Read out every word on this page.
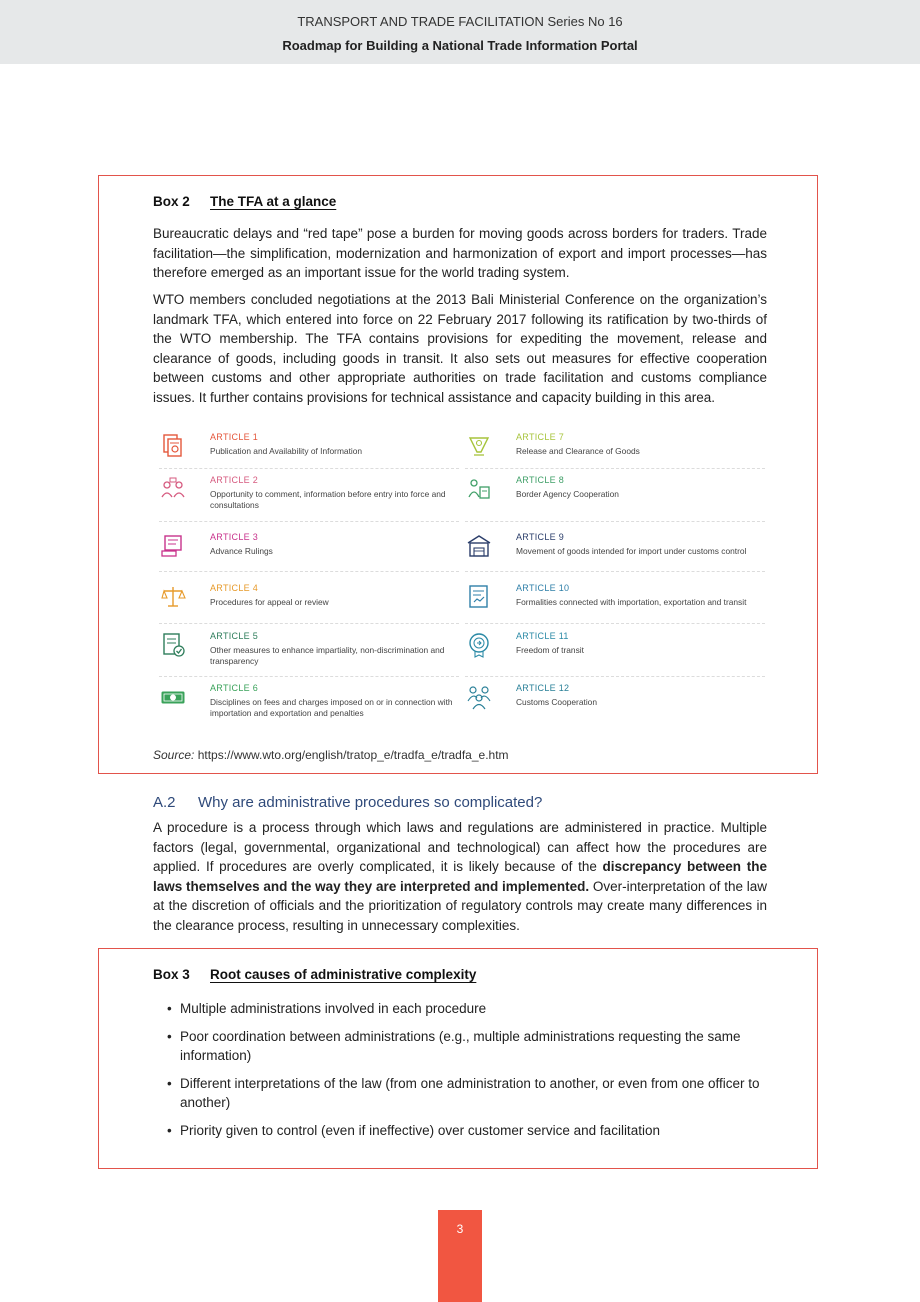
TRANSPORT AND TRADE FACILITATION Series No 16
Roadmap for Building a National Trade Information Portal
Box 2 The TFA at a glance

Bureaucratic delays and “red tape” pose a burden for moving goods across borders for traders. Trade facilitation—the simplification, modernization and harmonization of export and import processes—has therefore emerged as an important issue for the world trading system.

WTO members concluded negotiations at the 2013 Bali Ministerial Conference on the organization’s landmark TFA, which entered into force on 22 February 2017 following its ratification by two-thirds of the WTO membership. The TFA contains provisions for expediting the movement, release and clearance of goods, including goods in transit. It also sets out measures for effective cooperation between customs and other appropriate authorities on trade facilitation and customs compliance issues. It further contains provisions for technical assistance and capacity building in this area.

ARTICLE 1
Publication and Availability of Information
ARTICLE 2
Opportunity to comment, information before entry into force and consultations
ARTICLE 3
Advance Rulings
ARTICLE 4
Procedures for appeal or review
ARTICLE 5
Other measures to enhance impartiality, non-discrimination and transparency
ARTICLE 6
Disciplines on fees and charges imposed on or in connection with importation and exportation and penalties
ARTICLE 7
Release and Clearance of Goods
ARTICLE 8
Border Agency Cooperation
ARTICLE 9
Movement of goods intended for import under customs control
ARTICLE 10
Formalities connected with importation, exportation and transit
ARTICLE 11
Freedom of transit
ARTICLE 12
Customs Cooperation
Source: https://www.wto.org/english/tratop_e/tradfa_e/tradfa_e.htm
A.2 Why are administrative procedures so complicated?

A procedure is a process through which laws and regulations are administered in practice. Multiple factors (legal, governmental, organizational and technological) can affect how the procedures are applied. If procedures are overly complicated, it is likely because of the discrepancy between the laws themselves and the way they are interpreted and implemented. Over-interpretation of the law at the discretion of officials and the prioritization of regulatory controls may create many differences in the clearance process, resulting in unnecessary complexities.

Box 3 Root causes of administrative complexity
• Multiple administrations involved in each procedure
• Poor coordination between administrations (e.g., multiple administrations requesting the same information)
• Different interpretations of the law (from one administration to another, or even from one officer to another)
• Priority given to control (even if ineffective) over customer service and facilitation
3
